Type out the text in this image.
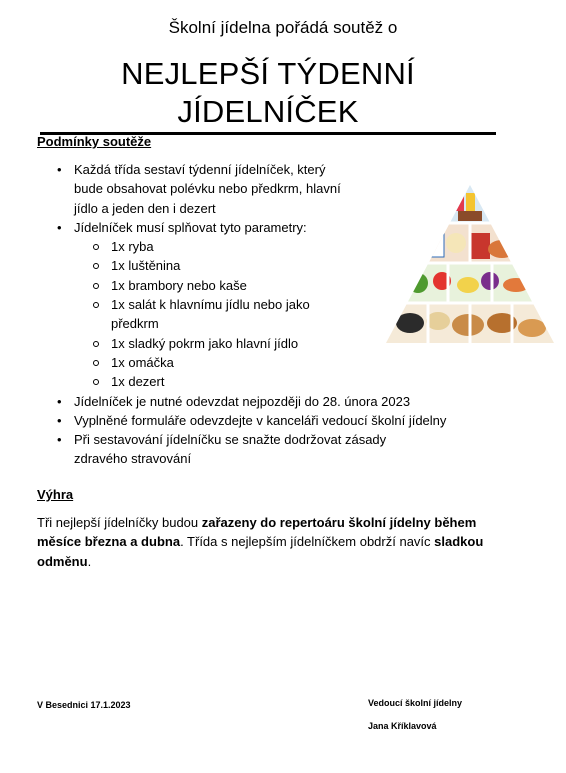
Školní jídelna pořádá soutěž o
NEJLEPŠÍ TÝDENNÍ JÍDELNÍČEK
Podmínky soutěže
• Každá třída sestaví týdenní jídelníček, který bude obsahovat polévku nebo předkrm, hlavní jídlo a jeden den i dezert
• Jídelníček musí splňovat tyto parametry:
1x ryba
1x luštěnina
1x brambory nebo kaše
1x salát k hlavnímu jídlu nebo jako předkrm
1x sladký pokrm jako hlavní jídlo
1x omáčka
1x dezert
• Jídelníček je nutné odevzdat nejpozději do 28. února 2023
• Vyplněné formuláře odevzdejte v kanceláři vedoucí školní jídelny
• Při sestavování jídelníčku se snažte dodržovat zásady zdravého stravování
Výhra
Tři nejlepší jídelníčky budou zařazeny do repertoáru školní jídelny během měsíce března a dubna. Třída s nejlepším jídelníčkem obdrží navíc sladkou odměnu.
V Besednici 17.1.2023	Vedoucí školní jídelny
Jana Kříklavová
